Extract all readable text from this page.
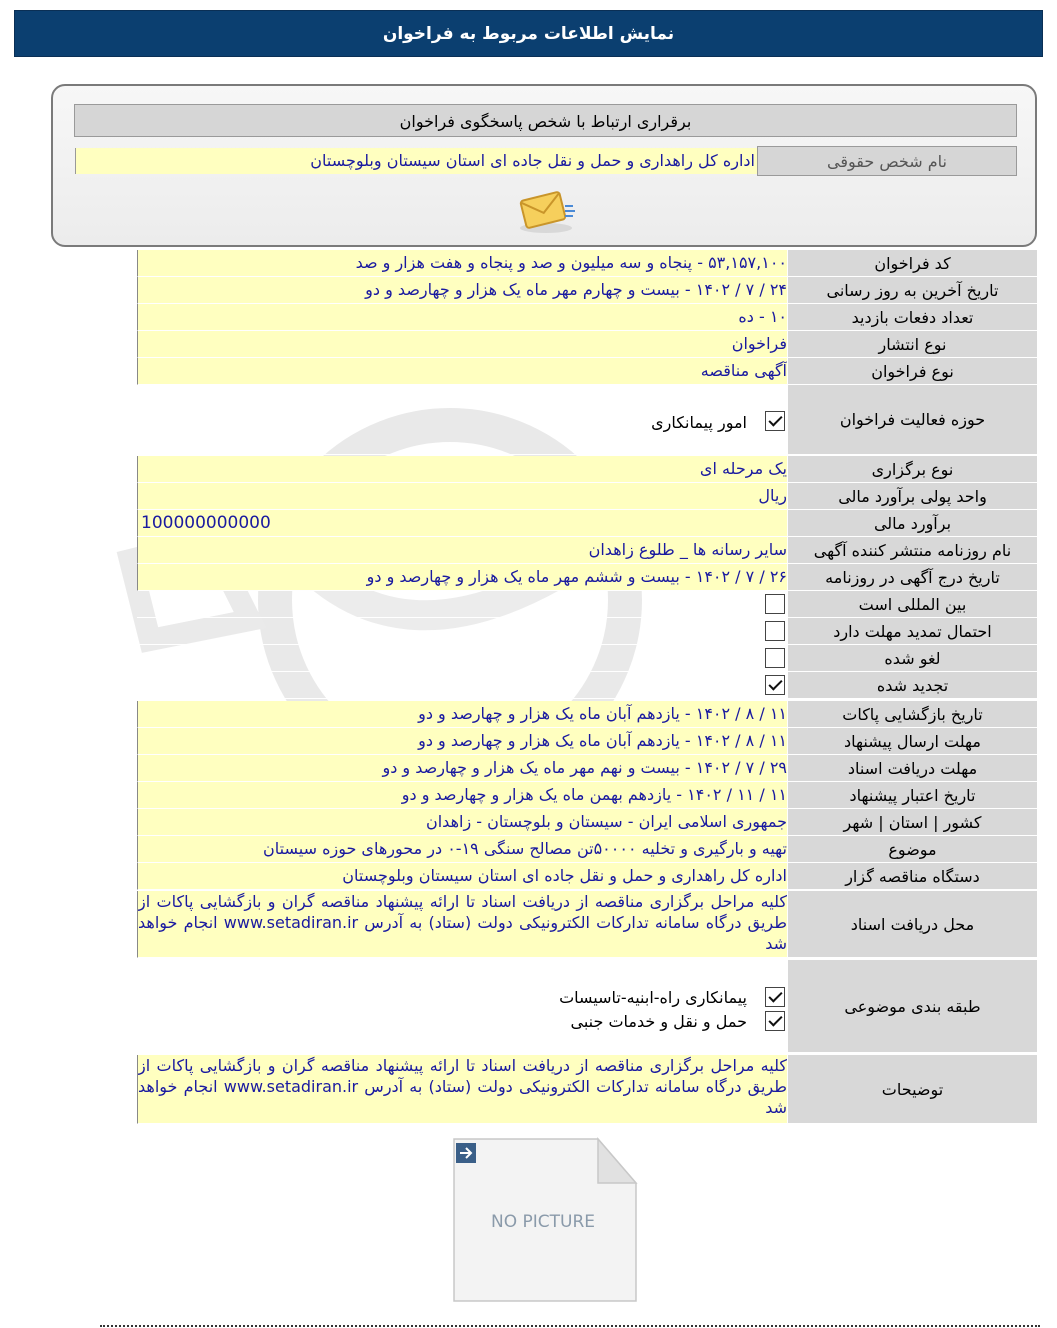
نمایش اطلاعات مربوط به فراخوان
برقراری ارتباط با شخص پاسخگوی فراخوان
نام شخص حقوقی
اداره کل راهداری و حمل و نقل جاده ای استان سیستان وبلوچستان
کد فراخوان
۵۳,۱۵۷,۱۰۰ - پنجاه و سه میلیون و صد و پنجاه و هفت هزار و صد
تاریخ آخرین به روز رسانی
۲۴ / ۷ / ۱۴۰۲ - بیست و چهارم مهر ماه یک هزار و چهارصد و دو
تعداد دفعات بازدید
۱۰ - ده
نوع انتشار
فراخوان
نوع فراخوان
آگهی مناقصه
حوزه فعالیت فراخوان
امور پیمانکاری
نوع برگزاری
یک مرحله ای
واحد پولی برآورد مالی
ریال
برآورد مالی
100000000000
نام روزنامه منتشر کننده آگهی
سایر رسانه ها _ طلوع زاهدان
تاریخ درج آگهی در روزنامه
۲۶ / ۷ / ۱۴۰۲ - بیست و ششم مهر ماه یک هزار و چهارصد و دو
بین المللی است
احتمال تمدید مهلت دارد
لغو شده
تجدید شده
تاریخ بازگشایی پاکات
۱۱ / ۸ / ۱۴۰۲ - یازدهم آبان ماه یک هزار و چهارصد و دو
مهلت ارسال پیشنهاد
۱۱ / ۸ / ۱۴۰۲ - یازدهم آبان ماه یک هزار و چهارصد و دو
مهلت دریافت اسناد
۲۹ / ۷ / ۱۴۰۲ - بیست و نهم مهر ماه یک هزار و چهارصد و دو
تاریخ اعتبار پیشنهاد
۱۱ / ۱۱ / ۱۴۰۲ - یازدهم بهمن ماه یک هزار و چهارصد و دو
کشور | استان | شهر
جمهوری اسلامی ایران - سیستان و بلوچستان - زاهدان
موضوع
تهیه و بارگیری و تخلیه ۵۰۰۰۰تن مصالح سنگی ۱۹-۰ در محورهای حوزه سیستان
دستگاه مناقصه گزار
اداره کل راهداری و حمل و نقل جاده ای استان سیستان وبلوچستان
محل دریافت اسناد
کلیه مراحل برگزاری مناقصه از دریافت اسناد تا ارائه پیشنهاد مناقصه گران و بازگشایی پاکات از طریق درگاه سامانه تدارکات الکترونیکی دولت (ستاد) به آدرس www.setadiran.ir انجام خواهد شد
طبقه بندی موضوعی
پیمانکاری راه-ابنیه-تاسیسات
حمل و نقل و خدمات جنبی
توضیحات
کلیه مراحل برگزاری مناقصه از دریافت اسناد تا ارائه پیشنهاد مناقصه گران و بازگشایی پاکات از طریق درگاه سامانه تدارکات الکترونیکی دولت (ستاد) به آدرس www.setadiran.ir انجام خواهد شد
NO PICTURE
